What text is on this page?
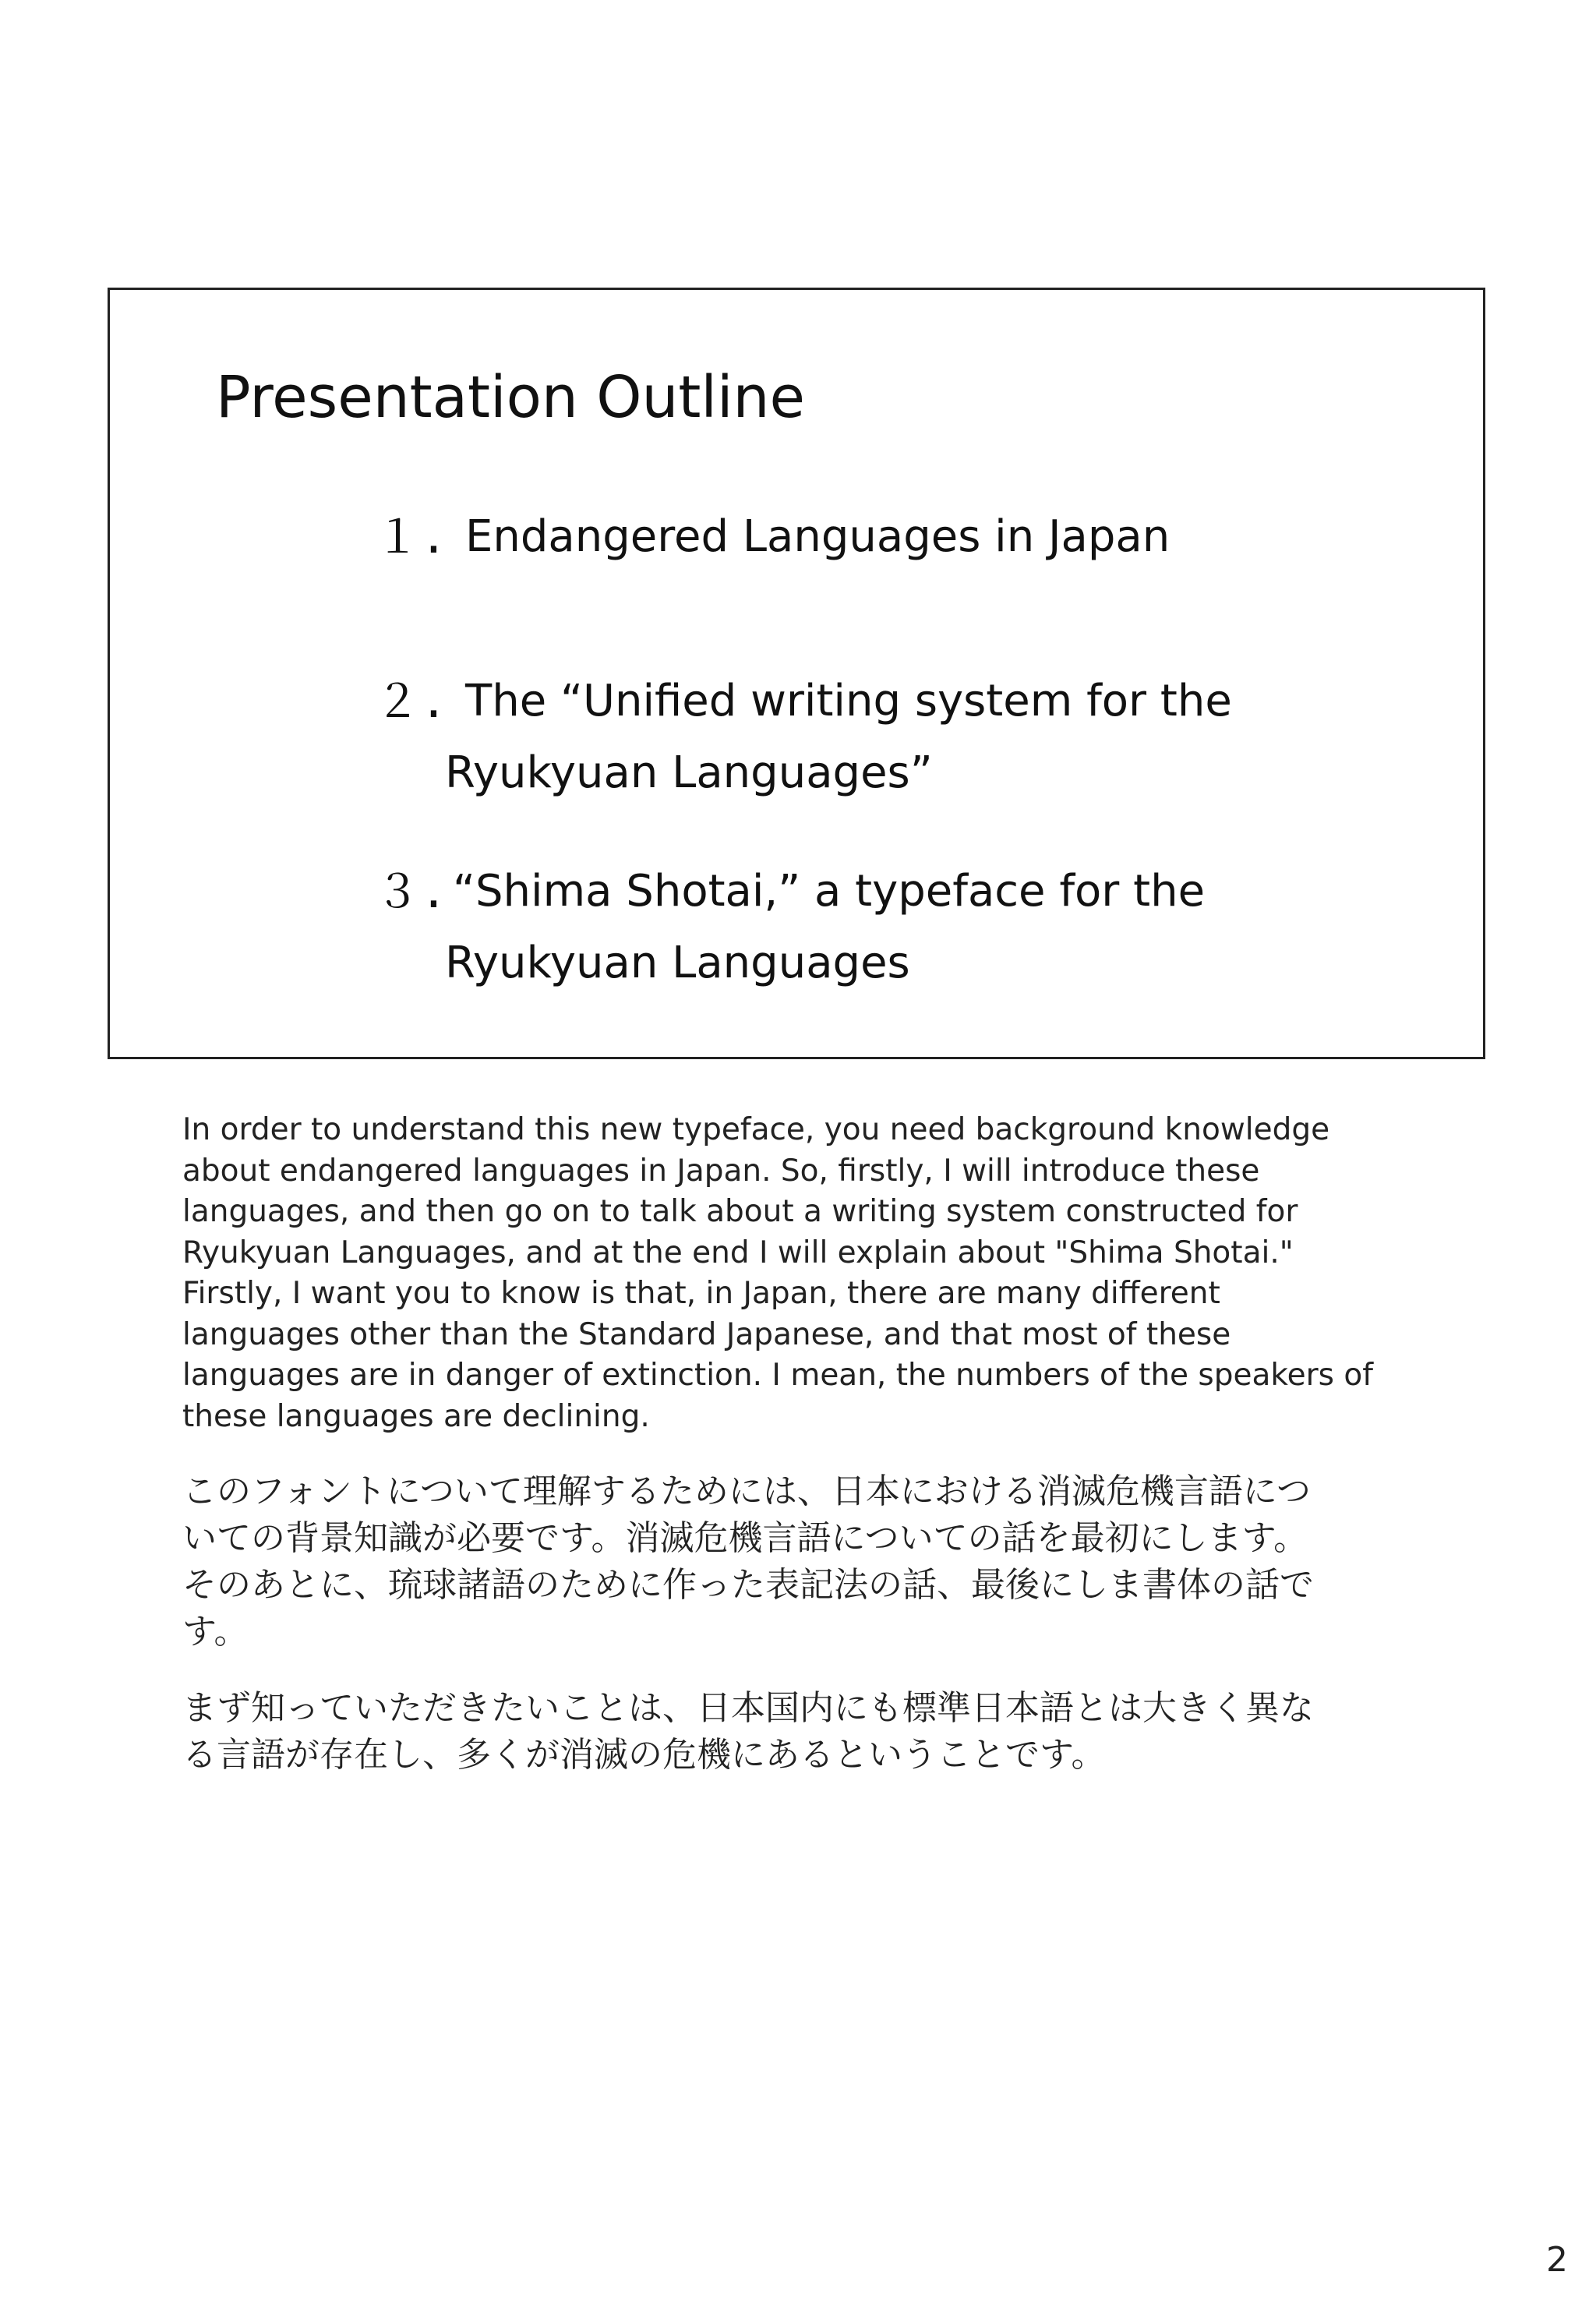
Presentation Outline
１. Endangered Languages in Japan
２. The “Unified writing system for the
Ryukyuan Languages”
３. “Shima Shotai,” a typeface for the
Ryukyuan Languages

In order to understand this new typeface, you need background knowledge
about endangered languages in Japan. So, firstly, I will introduce these
languages, and then go on to talk about a writing system constructed for
Ryukyuan Languages, and at the end I will explain about "Shima Shotai."
Firstly, I want you to know is that, in Japan, there are many different
languages other than the Standard Japanese, and that most of these
languages are in danger of extinction. I mean, the numbers of the speakers of
these languages are declining.

このフォントについて理解するためには、日本における消滅危機言語につ
いての背景知識が必要です。消滅危機言語についての話を最初にします。
そのあとに、琉球諸語のために作った表記法の話、最後にしま書体の話で
す。

まず知っていただきたいことは、日本国内にも標準日本語とは大きく異な
る言語が存在し、多くが消滅の危機にあるということです。

2
